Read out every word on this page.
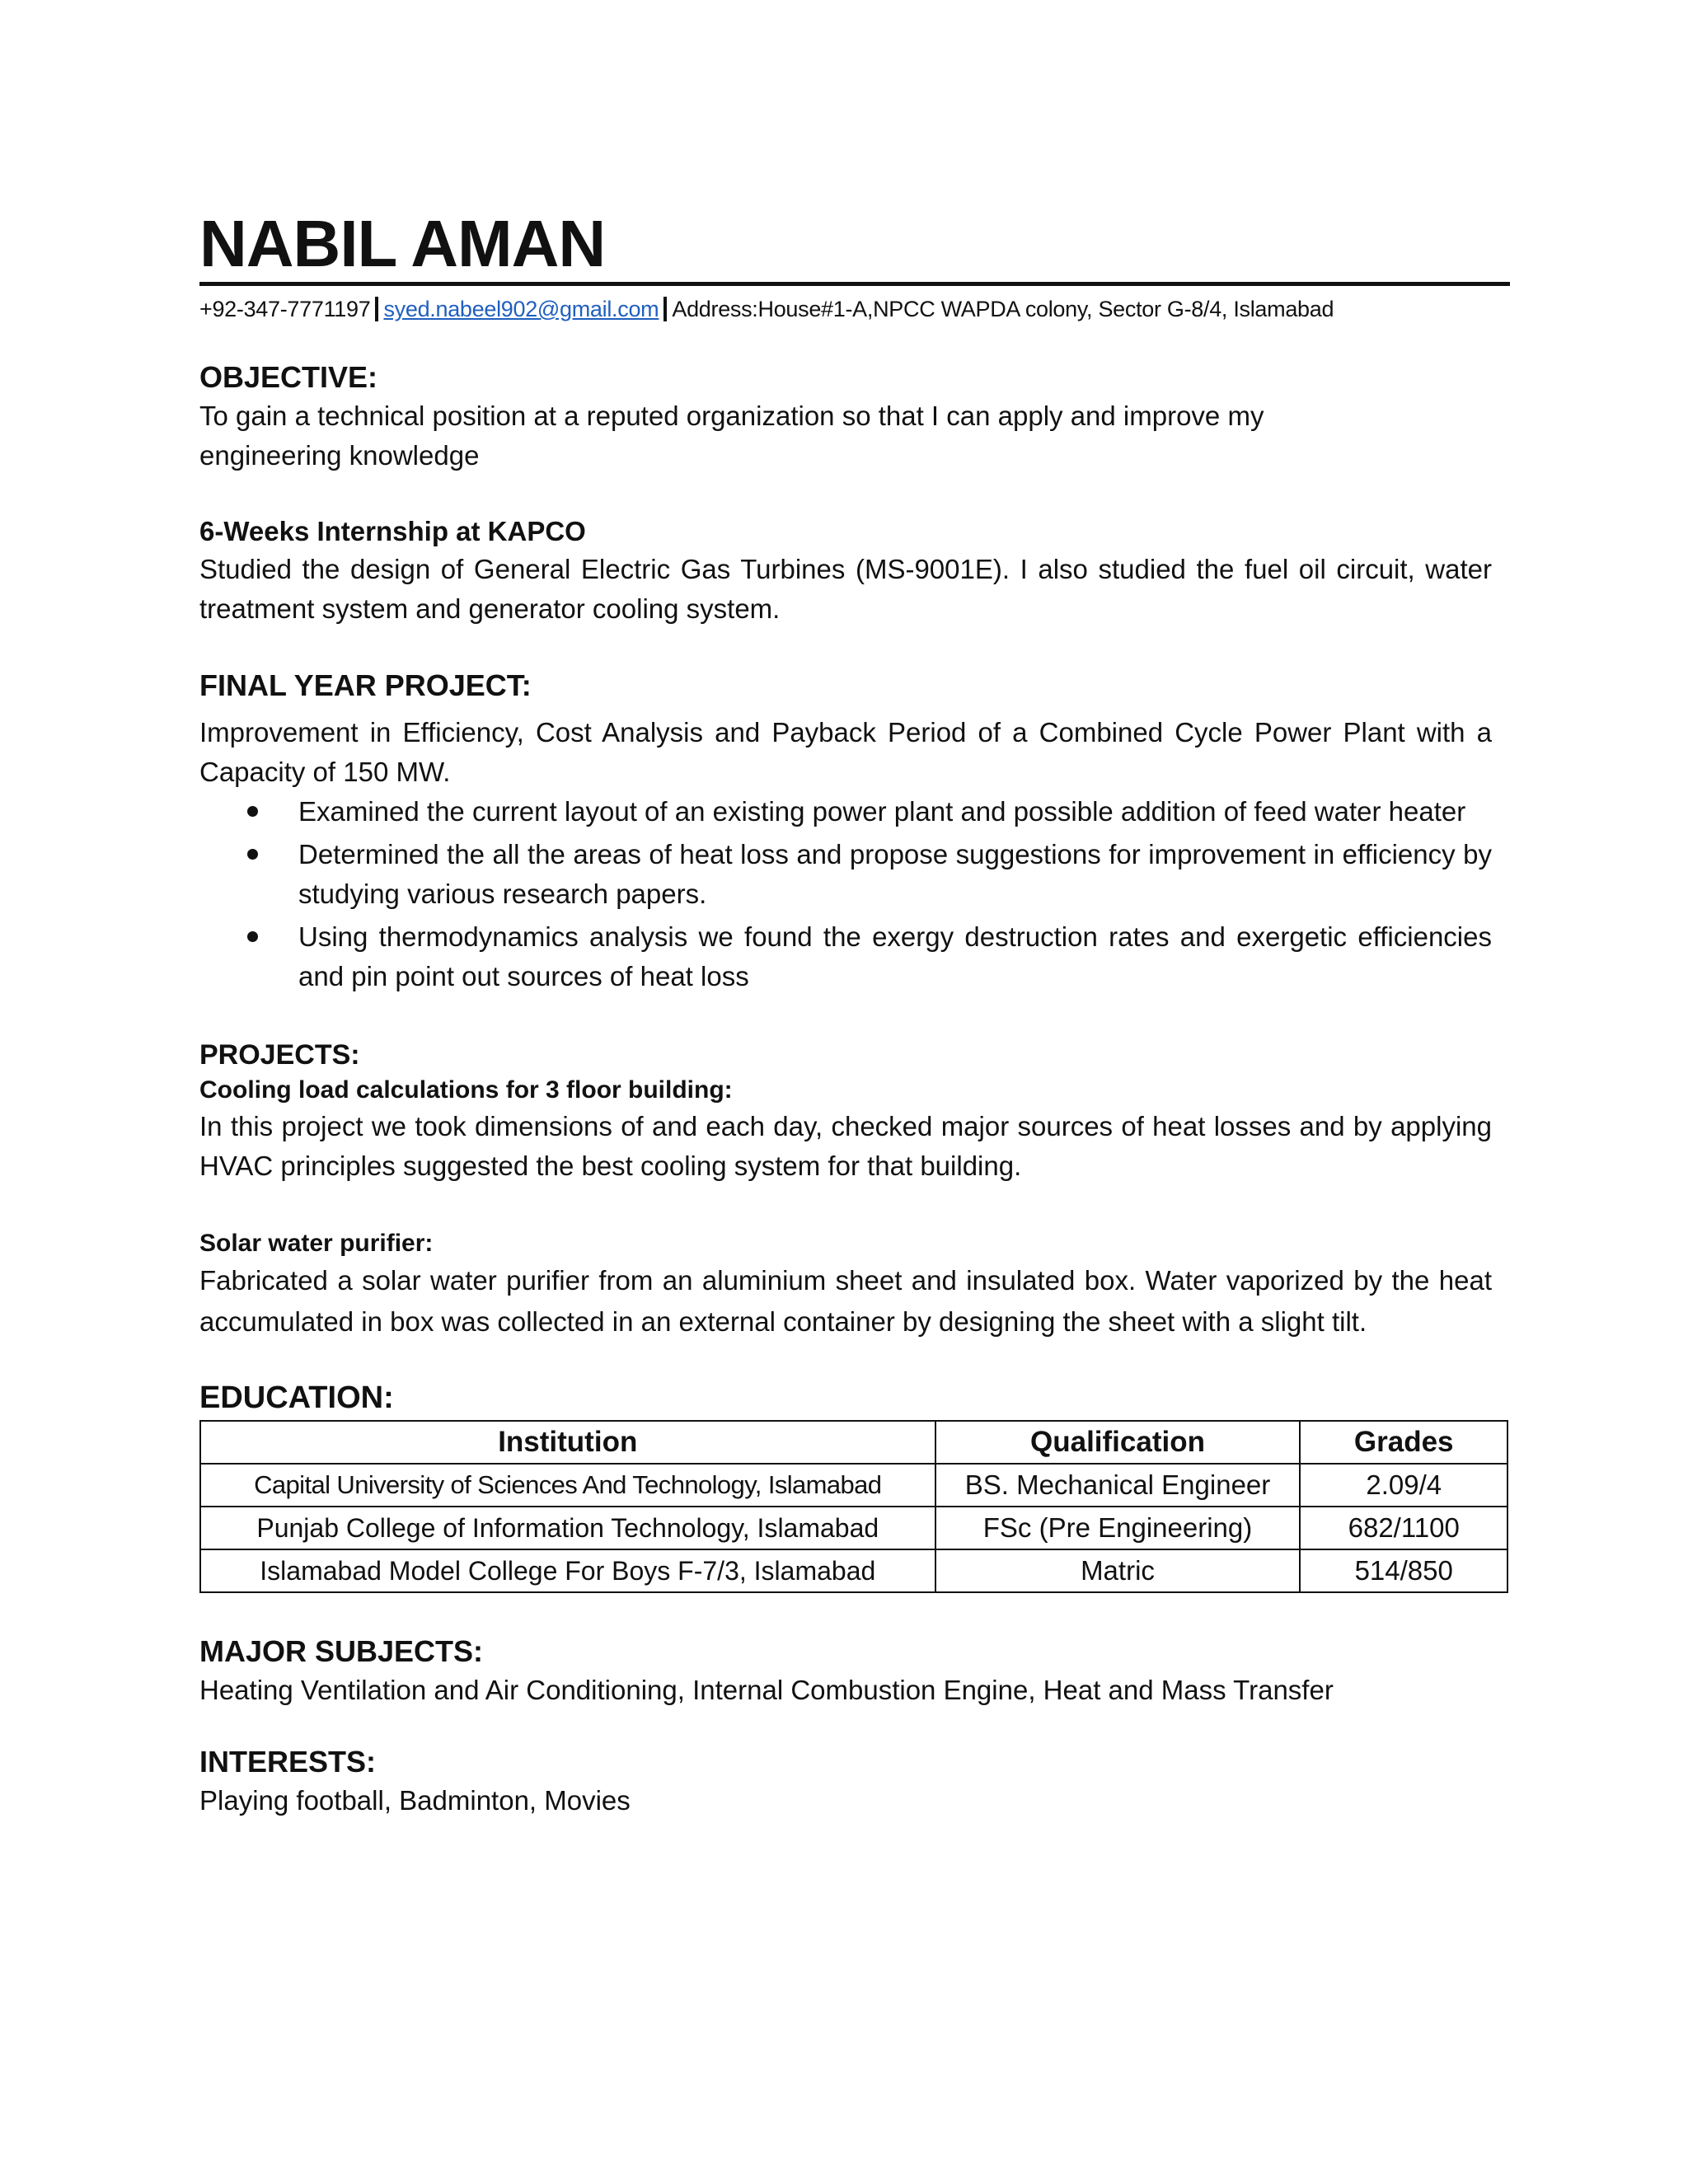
NABIL AMAN
+92-347-7771197 syed.nabeel902@gmail.com Address:House#1-A,NPCC WAPDA colony, Sector G-8/4, Islamabad
OBJECTIVE:

To gain a technical position at a reputed organization so that I can apply and improve my engineering knowledge

6-Weeks Internship at KAPCO

Studied the design of General Electric Gas Turbines (MS-9001E). I also studied the fuel oil circuit, water treatment system and generator cooling system.

FINAL YEAR PROJECT:

Improvement in Efficiency, Cost Analysis and Payback Period of a Combined Cycle Power Plant with a Capacity of 150 MW.

Examined the current layout of an existing power plant and possible addition of feed water heater
Determined the all the areas of heat loss and propose suggestions for improvement in efficiency by studying various research papers.
Using thermodynamics analysis we found the exergy destruction rates and exergetic efficiencies and pin point out sources of heat loss
PROJECTS:
Cooling load calculations for 3 floor building:

In this project we took dimensions of and each day, checked major sources of heat losses and by applying HVAC principles suggested the best cooling system for that building.

Solar water purifier:

Fabricated a solar water purifier from an aluminium sheet and insulated box. Water vaporized by the heat accumulated in box was collected in an external container by designing the sheet with a slight tilt.

EDUCATION:
Institution	Qualification	Grades
Capital University of Sciences And Technology, Islamabad	BS. Mechanical Engineer	2.09/4
Punjab College of Information Technology, Islamabad	FSc (Pre Engineering)	682/1100
Islamabad Model College For Boys F-7/3, Islamabad	Matric	514/850
MAJOR SUBJECTS:

Heating Ventilation and Air Conditioning, Internal Combustion Engine, Heat and Mass Transfer

INTERESTS:

Playing football, Badminton, Movies
